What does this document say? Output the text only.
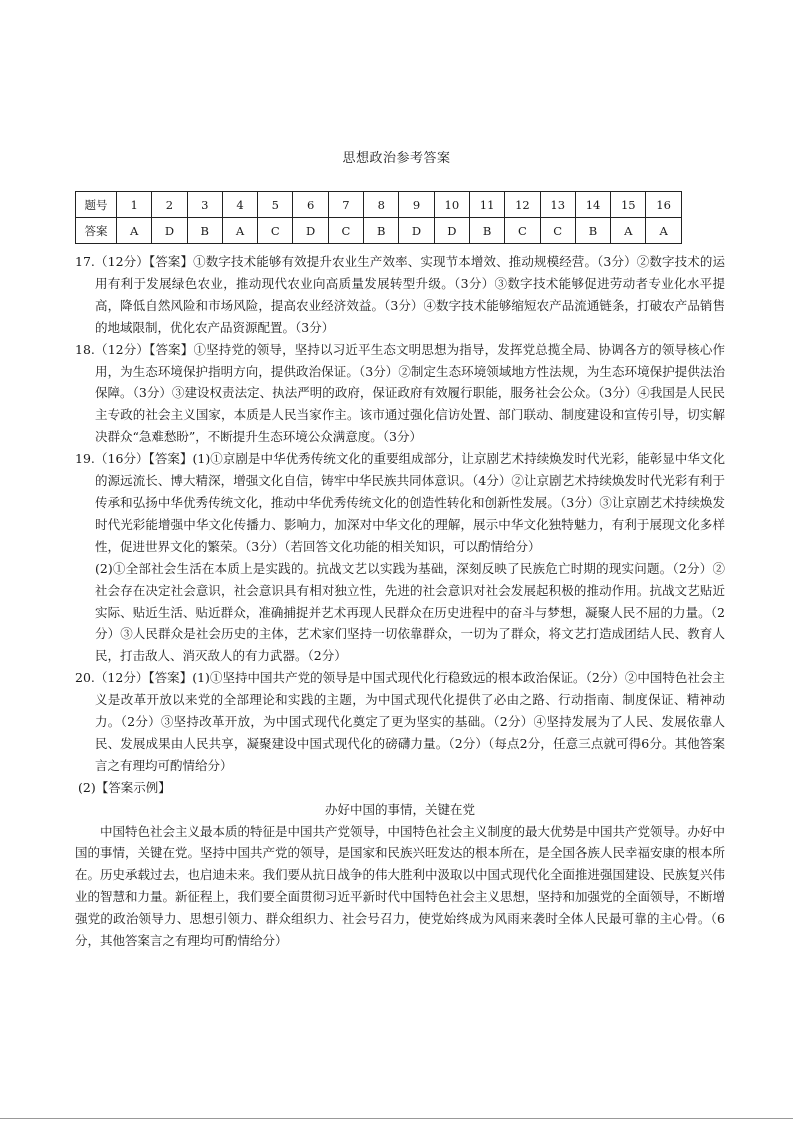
思想政治参考答案
题号	1	2	3	4	5	6	7	8	9	10	11	12	13	14	15	16
答案	A	D	B	A	C	D	C	B	D	D	B	C	C	B	A	A

17.（12分）【答案】①数字技术能够有效提升农业生产效率、实现节本增效、推动规模经营。（3分）②数字技术的运用有利于发展绿色农业，推动现代农业向高质量发展转型升级。（3分）③数字技术能够促进劳动者专业化水平提高，降低自然风险和市场风险，提高农业经济效益。（3分）④数字技术能够缩短农产品流通链条，打破农产品销售的地域限制，优化农产品资源配置。（3分）

18.（12分）【答案】①坚持党的领导，坚持以习近平生态文明思想为指导，发挥党总揽全局、协调各方的领导核心作用，为生态环境保护指明方向，提供政治保证。（3分）②制定生态环境领域地方性法规，为生态环境保护提供法治保障。（3分）③建设权责法定、执法严明的政府，保证政府有效履行职能，服务社会公众。（3分）④我国是人民民主专政的社会主义国家，本质是人民当家作主。该市通过强化信访处置、部门联动、制度建设和宣传引导，切实解决群众“急难愁盼”，不断提升生态环境公众满意度。（3分）

19.（16分）【答案】(1)①京剧是中华优秀传统文化的重要组成部分，让京剧艺术持续焕发时代光彩，能彰显中华文化的源远流长、博大精深，增强文化自信，铸牢中华民族共同体意识。（4分）②让京剧艺术持续焕发时代光彩有利于传承和弘扬中华优秀传统文化，推动中华优秀传统文化的创造性转化和创新性发展。（3分）③让京剧艺术持续焕发时代光彩能增强中华文化传播力、影响力，加深对中华文化的理解，展示中华文化独特魅力，有利于展现文化多样性，促进世界文化的繁荣。（3分）（若回答文化功能的相关知识，可以酌情给分）

(2)①全部社会生活在本质上是实践的。抗战文艺以实践为基础，深刻反映了民族危亡时期的现实问题。（2分）②社会存在决定社会意识，社会意识具有相对独立性，先进的社会意识对社会发展起积极的推动作用。抗战文艺贴近实际、贴近生活、贴近群众，准确捕捉并艺术再现人民群众在历史进程中的奋斗与梦想，凝聚人民不屈的力量。（2分）③人民群众是社会历史的主体，艺术家们坚持一切依靠群众，一切为了群众，将文艺打造成团结人民、教育人民，打击敌人、消灭敌人的有力武器。（2分）

20.（12分）【答案】(1)①坚持中国共产党的领导是中国式现代化行稳致远的根本政治保证。（2分）②中国特色社会主义是改革开放以来党的全部理论和实践的主题，为中国式现代化提供了必由之路、行动指南、制度保证、精神动力。（2分）③坚持改革开放，为中国式现代化奠定了更为坚实的基础。（2分）④坚持发展为了人民、发展依靠人民、发展成果由人民共享，凝聚建设中国式现代化的磅礴力量。（2分）（每点2分，任意三点就可得6分。其他答案言之有理均可酌情给分）

(2)【答案示例】

办好中国的事情，关键在党

中国特色社会主义最本质的特征是中国共产党领导，中国特色社会主义制度的最大优势是中国共产党领导。办好中国的事情，关键在党。坚持中国共产党的领导，是国家和民族兴旺发达的根本所在，是全国各族人民幸福安康的根本所在。历史承载过去，也启迪未来。我们要从抗日战争的伟大胜利中汲取以中国式现代化全面推进强国建设、民族复兴伟业的智慧和力量。新征程上，我们要全面贯彻习近平新时代中国特色社会主义思想，坚持和加强党的全面领导，不断增强党的政治领导力、思想引领力、群众组织力、社会号召力，使党始终成为风雨来袭时全体人民最可靠的主心骨。（6分，其他答案言之有理均可酌情给分）
